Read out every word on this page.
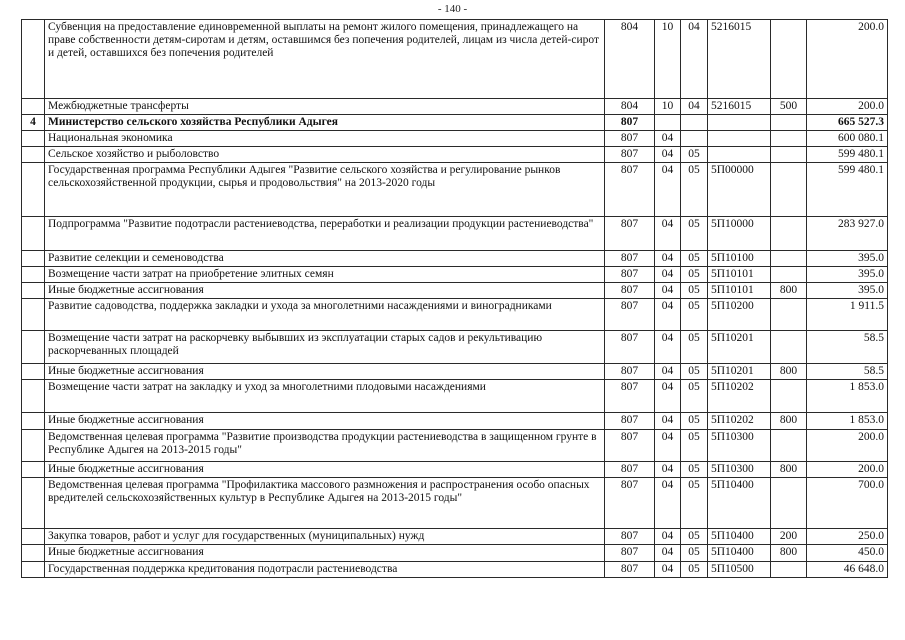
- 140 -
	Субвенция на предоставление единовременной выплаты на ремонт жилого помещения, принадлежащего на праве собственности детям-сиротам и детям, оставшимся без попечения родителей, лицам из числа детей-сирот и детей, оставшихся без попечения родителей	804	10	04	5216015		200.0
	Межбюджетные трансферты	804	10	04	5216015	500	200.0
4	Министерство сельского хозяйства Республики Адыгея	807					665 527.3
	Национальная экономика	807	04				600 080.1
	Сельское хозяйство и рыболовство	807	04	05			599 480.1
	Государственная программа Республики Адыгея "Развитие сельского хозяйства и регулирование рынков сельскохозяйственной продукции, сырья и продовольствия" на 2013-2020 годы	807	04	05	5П00000		599 480.1
	Подпрограмма "Развитие подотрасли растениеводства, переработки и реализации продукции растениеводства"	807	04	05	5П10000		283 927.0
	Развитие селекции и семеноводства	807	04	05	5П10100		395.0
	Возмещение части затрат на приобретение элитных семян	807	04	05	5П10101		395.0
	Иные бюджетные ассигнования	807	04	05	5П10101	800	395.0
	Развитие садоводства, поддержка закладки и ухода за многолетними насаждениями и виноградниками	807	04	05	5П10200		1 911.5
	Возмещение части затрат на раскорчевку выбывших из эксплуатации старых садов и рекультивацию раскорчеванных площадей	807	04	05	5П10201		58.5
	Иные бюджетные ассигнования	807	04	05	5П10201	800	58.5
	Возмещение части затрат на закладку и уход за многолетними плодовыми насаждениями	807	04	05	5П10202		1 853.0
	Иные бюджетные ассигнования	807	04	05	5П10202	800	1 853.0
	Ведомственная целевая программа "Развитие производства продукции растениеводства в защищенном грунте в Республике Адыгея на 2013-2015 годы"	807	04	05	5П10300		200.0
	Иные бюджетные ассигнования	807	04	05	5П10300	800	200.0
	Ведомственная целевая программа "Профилактика массового размножения и распространения особо опасных вредителей сельскохозяйственных культур в Республике Адыгея на 2013-2015 годы"	807	04	05	5П10400		700.0
	Закупка товаров, работ и услуг для государственных (муниципальных) нужд	807	04	05	5П10400	200	250.0
	Иные бюджетные ассигнования	807	04	05	5П10400	800	450.0
	Государственная поддержка кредитования подотрасли растениеводства	807	04	05	5П10500		46 648.0
